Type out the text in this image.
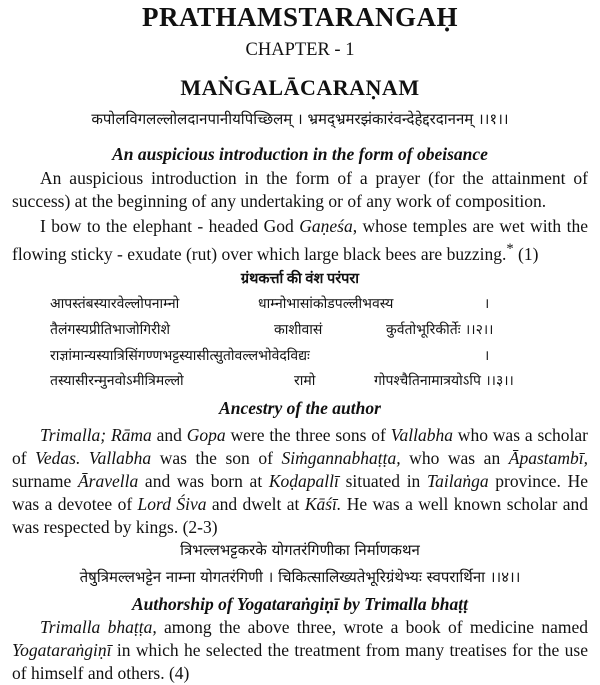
PRATHAMSTARANGAḤ
CHAPTER - 1
MAṄGALĀCARAṆAM
कपोलविगलल्लोलदानपानीयपिच्छिलम् । भ्रमद्भ्रमरझंकारंवन्देहेद्दरदाननम् ।।१।।
An auspicious introduction in the form of obeisance
An auspicious introduction in the form of a prayer (for the attainment of success) at the beginning of any undertaking or of any work of composition.
I bow to the elephant - headed God Gaṇeśa, whose temples are wet with the flowing sticky - exudate (rut) over which large black bees are buzzing.* (1)
ग्रंथकर्त्ता की वंश परंपरा
आपस्तंबस्यारवेल्लोपनाम्नो	धाम्नोभासांकोडपल्लीभवस्य	।
तैलंगस्यप्रीतिभाजोगिरीशे	काशीवासं	कुर्वतोभूरिकीर्तेः ।।२।।
राज्ञांमान्यस्यात्रिसिंगण्णभट्टस्यासीत्सुतोवल्लभोवेदविद्यः	।
तस्यासीरन्मुनवोऽमीत्रिमल्लो	रामो	गोपश्चैतिनामात्रयोऽपि ।।३।।
Ancestry of the author
Trimalla; Rāma and Gopa were the three sons of Vallabha who was a scholar of Vedas. Vallabha was the son of Siṁgannabhaṭṭa, who was an Āpastambī, surname Āravella and was born at Koḍapallī situated in Tailaṅga province. He was a devotee of Lord Śiva and dwelt at Kāśī. He was a well known scholar and was respected by kings. (2-3)
त्रिभल्लभट्टकरके योगतरंगिणीका निर्माणकथन
तेषुत्रिमल्लभट्टेन नाम्ना योगतरंगिणी । चिकित्सालिख्यतेभूरिग्रंथेभ्यः स्वपरार्थिना ।।४।।
Authorship of Yogataraṅgiṇī by Trimalla bhaṭṭ
Trimalla bhaṭṭa, among the above three, wrote a book of medicine named Yogataraṅgiṇī in which he selected the treatment from many treatises for the use of himself and others. (4)
